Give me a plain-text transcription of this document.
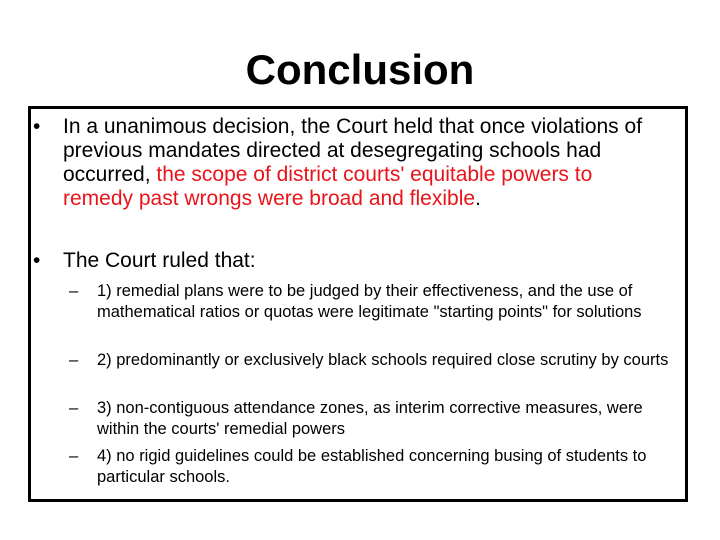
Conclusion
• In a unanimous decision, the Court held that once violations of previous mandates directed at desegregating schools had occurred, the scope of district courts' equitable powers to remedy past wrongs were broad and flexible.
• The Court ruled that:
– 1) remedial plans were to be judged by their effectiveness, and the use of mathematical ratios or quotas were legitimate "starting points" for solutions
– 2) predominantly or exclusively black schools required close scrutiny by courts
– 3) non-contiguous attendance zones, as interim corrective measures, were within the courts' remedial powers
– 4) no rigid guidelines could be established concerning busing of students to particular schools.
